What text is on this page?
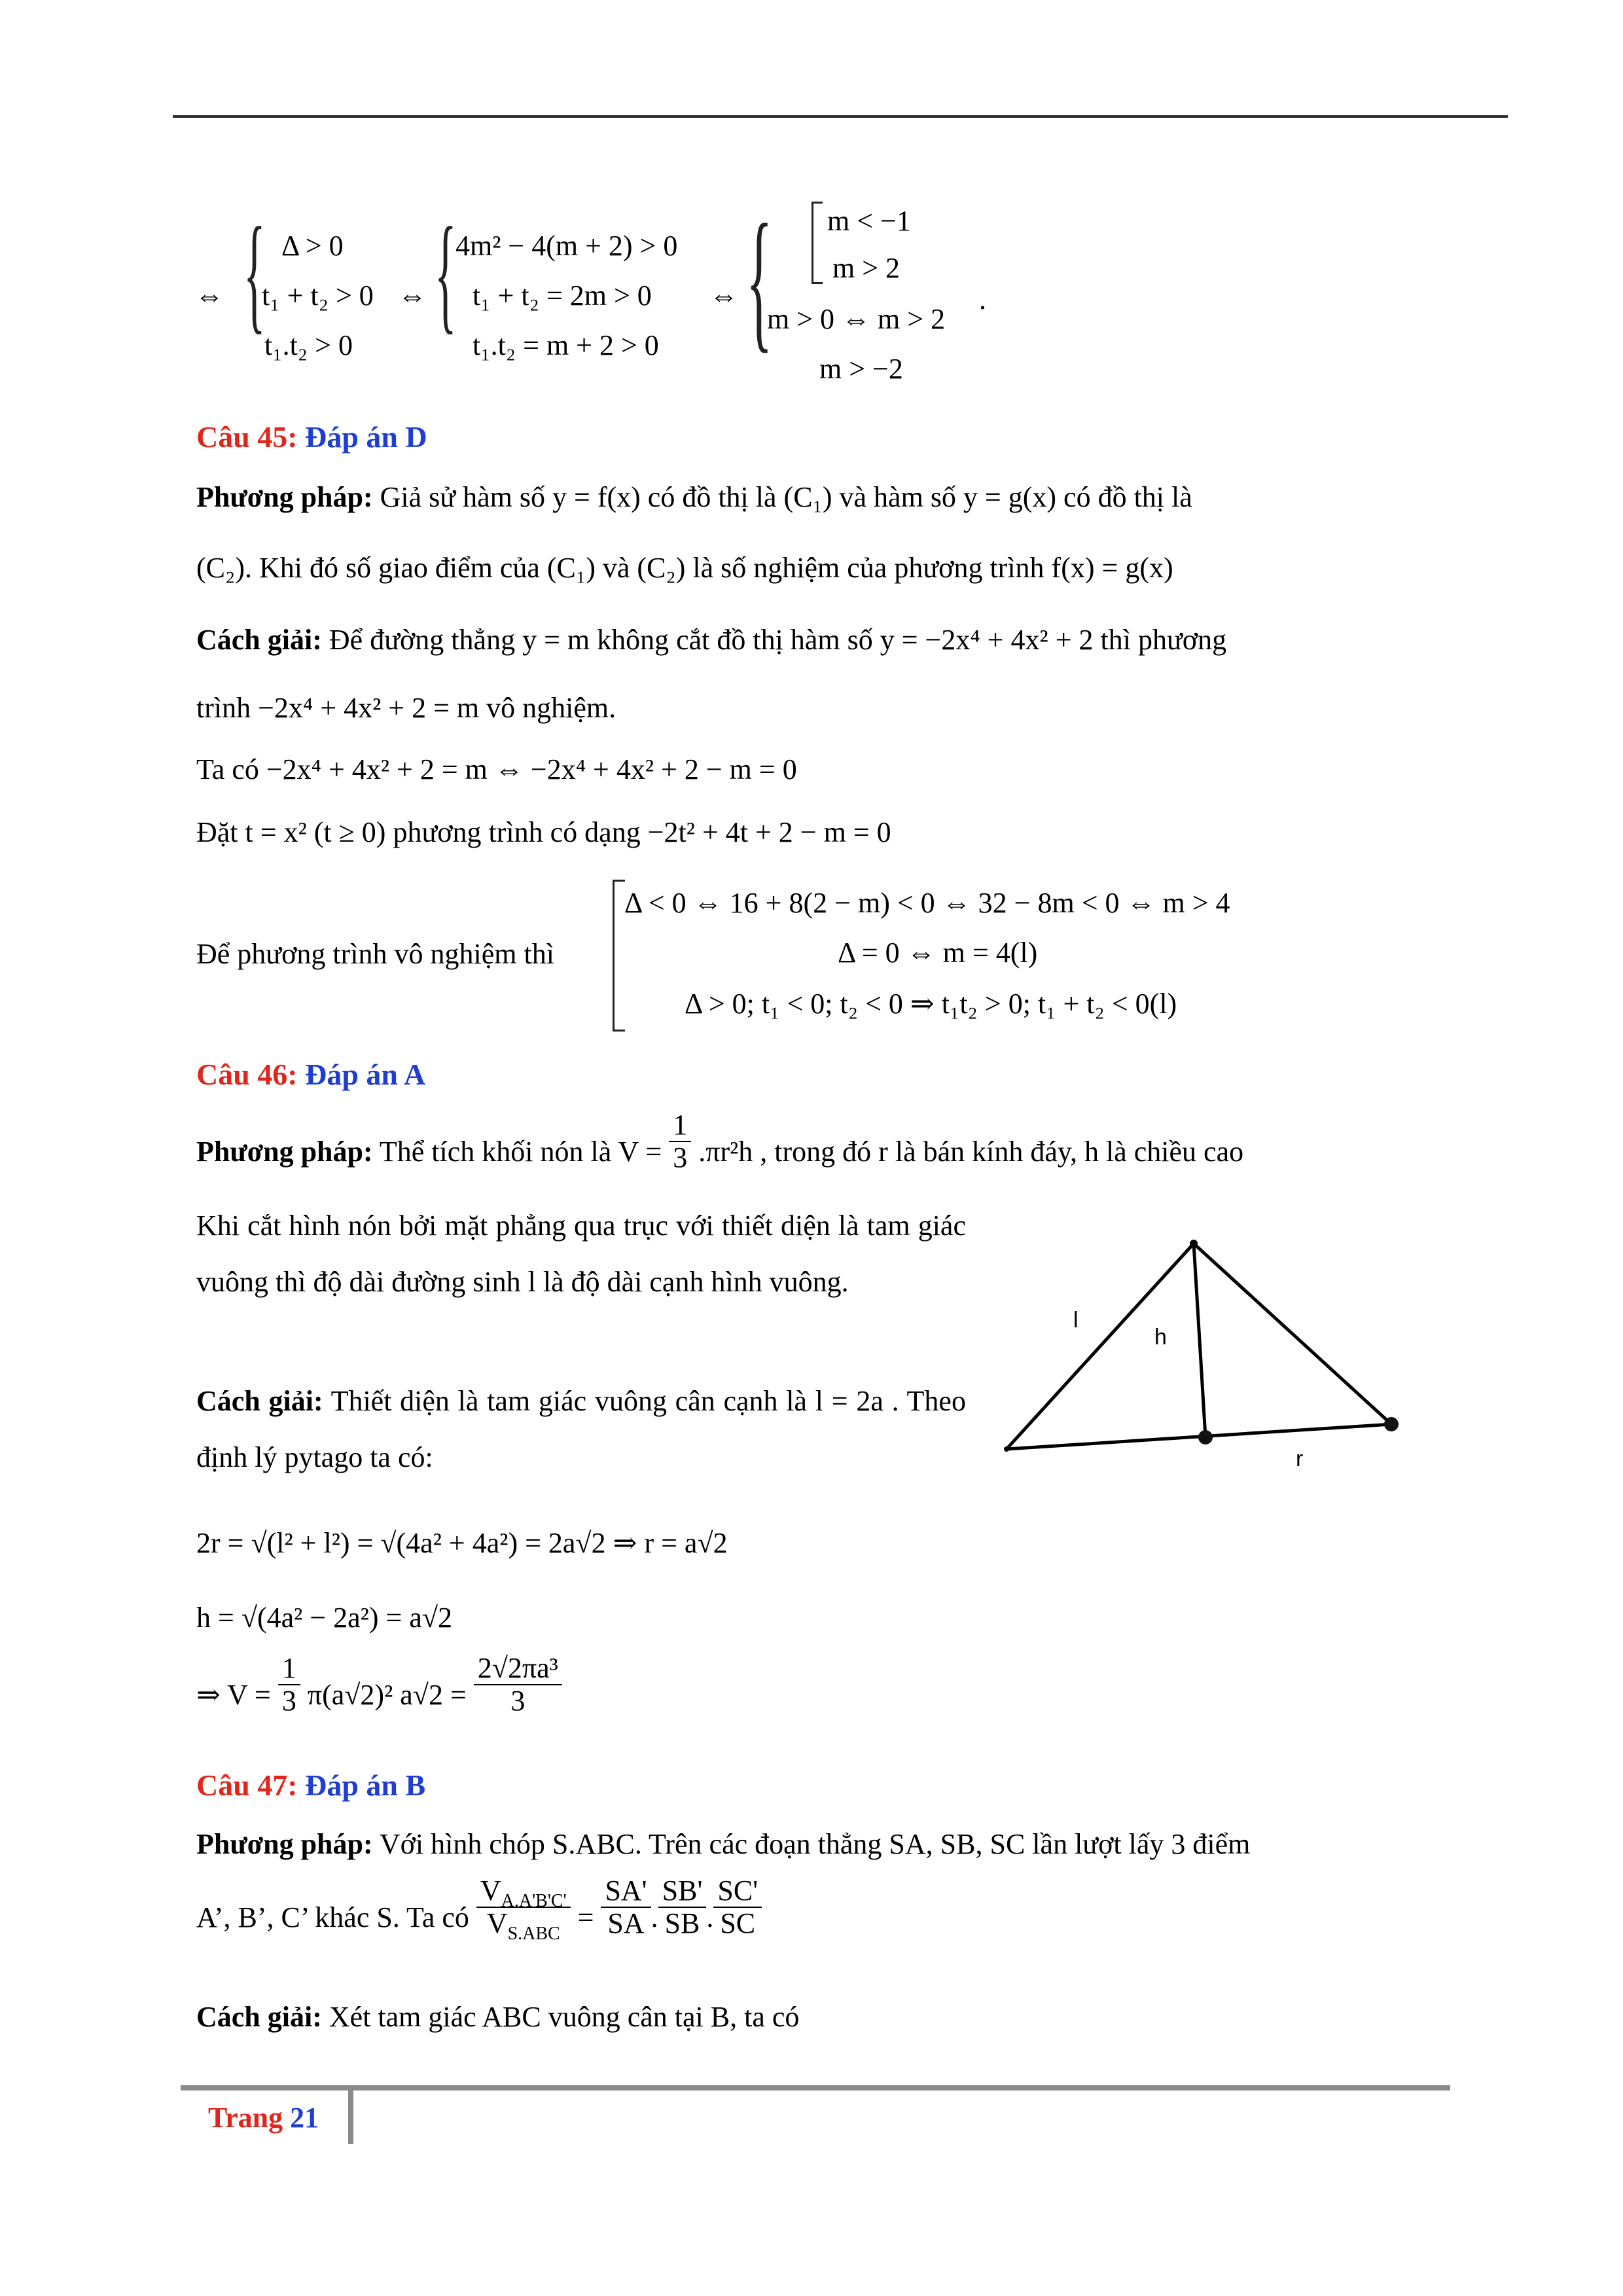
⇔ { Δ > 0
t₁ + t₂ > 0
t₁.t₂ > 0
⇔ {
4m² − 4(m + 2) > 0
t₁ + t₂ = 2m > 0
t₁.t₂ = m + 2 > 0
⇔ { m < −1
m > 2
m > 0 ⇔ m > 2
m > −2
.
Câu 45: Đáp án D
Phương pháp: Giả sử hàm số y = f(x) có đồ thị là (C₁) và hàm số y = g(x) có đồ thị là
(C₂). Khi đó số giao điểm của (C₁) và (C₂) là số nghiệm của phương trình f(x) = g(x)
Cách giải: Để đường thẳng y = m không cắt đồ thị hàm số y = −2x⁴ + 4x² + 2 thì phương
trình −2x⁴ + 4x² + 2 = m vô nghiệm.
Ta có −2x⁴ + 4x² + 2 = m ⇔ −2x⁴ + 4x² + 2 − m = 0
Đặt t = x² (t ≥ 0) phương trình có dạng −2t² + 4t + 2 − m = 0
Để phương trình vô nghiệm thì
Δ < 0 ⇔ 16 + 8(2 − m) < 0 ⇔ 32 − 8m < 0 ⇔ m > 4
Δ = 0 ⇔ m = 4(l)
Δ > 0; t₁ < 0; t₂ < 0 ⇒ t₁t₂ > 0; t₁ + t₂ < 0(l)
Câu 46: Đáp án A
Phương pháp: Thể tích khối nón là $V = \frac{1}{3} .\pi r^2h$ , trong đó r là bán kính đáy, h là chiều cao
Khi cắt hình nón bởi mặt phẳng qua trục với thiết diện là tam giác vuông thì độ dài đường sinh l là độ dài cạnh hình vuông.
Cách giải: Thiết diện là tam giác vuông cân cạnh là l = 2a . Theo định lý pytago ta có:
l
h
r
2r = √(l² + l²) = √(4a² + 4a²) = 2a√2 ⇒ r = a√2
h = √(4a² − 2a²) = a√2
⇒ $V = \frac{1}{3} \pi(a√2)^2$ $a√2 = \frac{\text{2√2πa³}}{3}$
Câu 47: Đáp án B
Phương pháp: Với hình chóp S.ABC. Trên các đoạn thẳng SA, SB, SC lần lượt lấy 3 điểm
A’, B’, C’ khác S. Ta có $\frac{V_{A.A'B'C'}}{V_{S.ABC}} = \frac{SA'}{SA}$ . $\frac{SB'}{SB}$ . $\frac{SC'}{SC}$
Cách giải: Xét tam giác ABC vuông cân tại B, ta có
Trang 21
